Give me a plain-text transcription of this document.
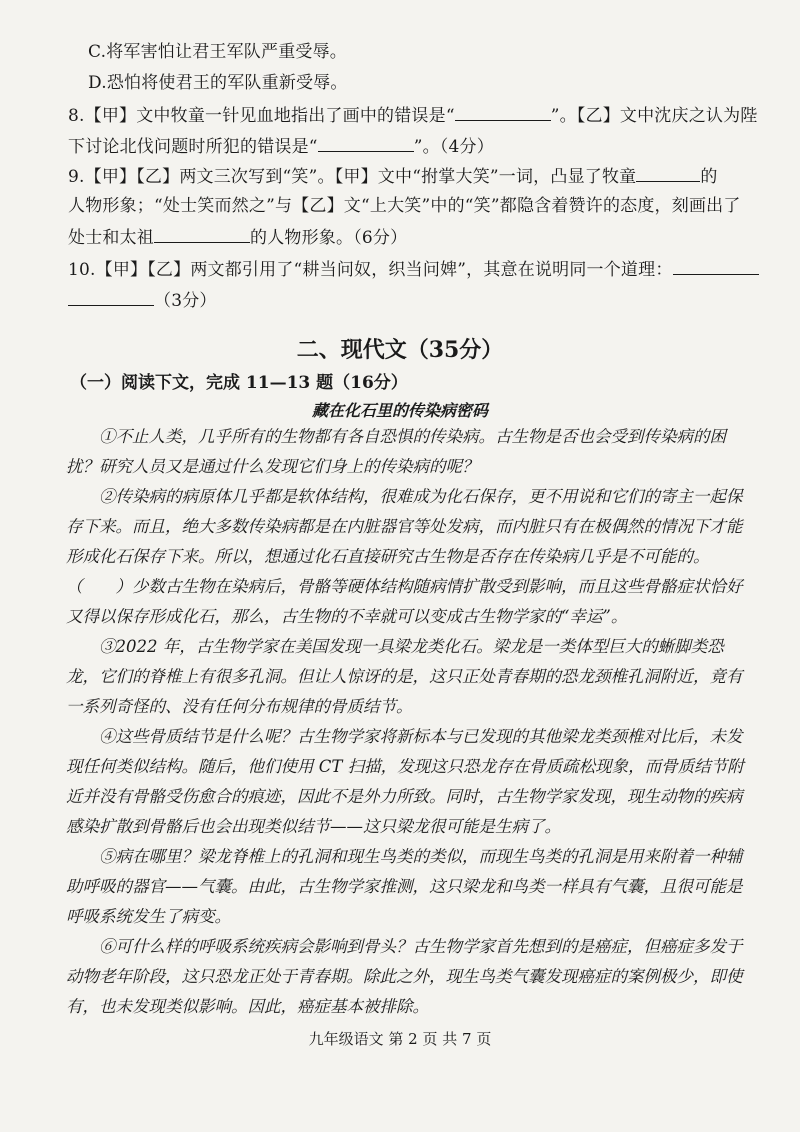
C.将军害怕让君王军队严重受辱。
D.恐怕将使君王的军队重新受辱。
8.【甲】文中牧童一针见血地指出了画中的错误是“	”。【乙】文中沈庆之认为陛
下讨论北伐问题时所犯的错误是“	”。（4分）
9.【甲】【乙】两文三次写到“笑”。【甲】文中“拊掌大笑”一词，凸显了牧童	的
人物形象；“处士笑而然之”与【乙】文“上大笑”中的“笑”都隐含着赞许的态度，刻画出了
处士和太祖	的人物形象。（6分）
10.【甲】【乙】两文都引用了“耕当问奴，织当问婢”，其意在说明同一个道理：
（3分）
二、现代文（35分）
（一）阅读下文，完成 11—13 题（16分）
藏在化石里的传染病密码

①不止人类，几乎所有的生物都有各自恐惧的传染病。古生物是否也会受到传染病的困扰？研究人员又是通过什么发现它们身上的传染病的呢？

②传染病的病原体几乎都是软体结构，很难成为化石保存，更不用说和它们的寄主一起保存下来。而且，绝大多数传染病都是在内脏器官等处发病，而内脏只有在极偶然的情况下才能形成化石保存下来。所以，想通过化石直接研究古生物是否存在传染病几乎是不可能的。（　　）少数古生物在染病后，骨骼等硬体结构随病情扩散受到影响，而且这些骨骼症状恰好又得以保存形成化石，那么，古生物的不幸就可以变成古生物学家的“幸运”。

③2022 年，古生物学家在美国发现一具梁龙类化石。梁龙是一类体型巨大的蜥脚类恐龙，它们的脊椎上有很多孔洞。但让人惊讶的是，这只正处青春期的恐龙颈椎孔洞附近，竟有一系列奇怪的、没有任何分布规律的骨质结节。

④这些骨质结节是什么呢？古生物学家将新标本与已发现的其他梁龙类颈椎对比后，未发现任何类似结构。随后，他们使用 CT 扫描，发现这只恐龙存在骨质疏松现象，而骨质结节附近并没有骨骼受伤愈合的痕迹，因此不是外力所致。同时，古生物学家发现，现生动物的疾病感染扩散到骨骼后也会出现类似结节——这只梁龙很可能是生病了。

⑤病在哪里？梁龙脊椎上的孔洞和现生鸟类的类似，而现生鸟类的孔洞是用来附着一种辅助呼吸的器官——气囊。由此，古生物学家推测，这只梁龙和鸟类一样具有气囊，且很可能是呼吸系统发生了病变。

⑥可什么样的呼吸系统疾病会影响到骨头？古生物学家首先想到的是癌症，但癌症多发于动物老年阶段，这只恐龙正处于青春期。除此之外，现生鸟类气囊发现癌症的案例极少，即使有，也未发现类似影响。因此，癌症基本被排除。

九年级语文 第 2 页 共 7 页
